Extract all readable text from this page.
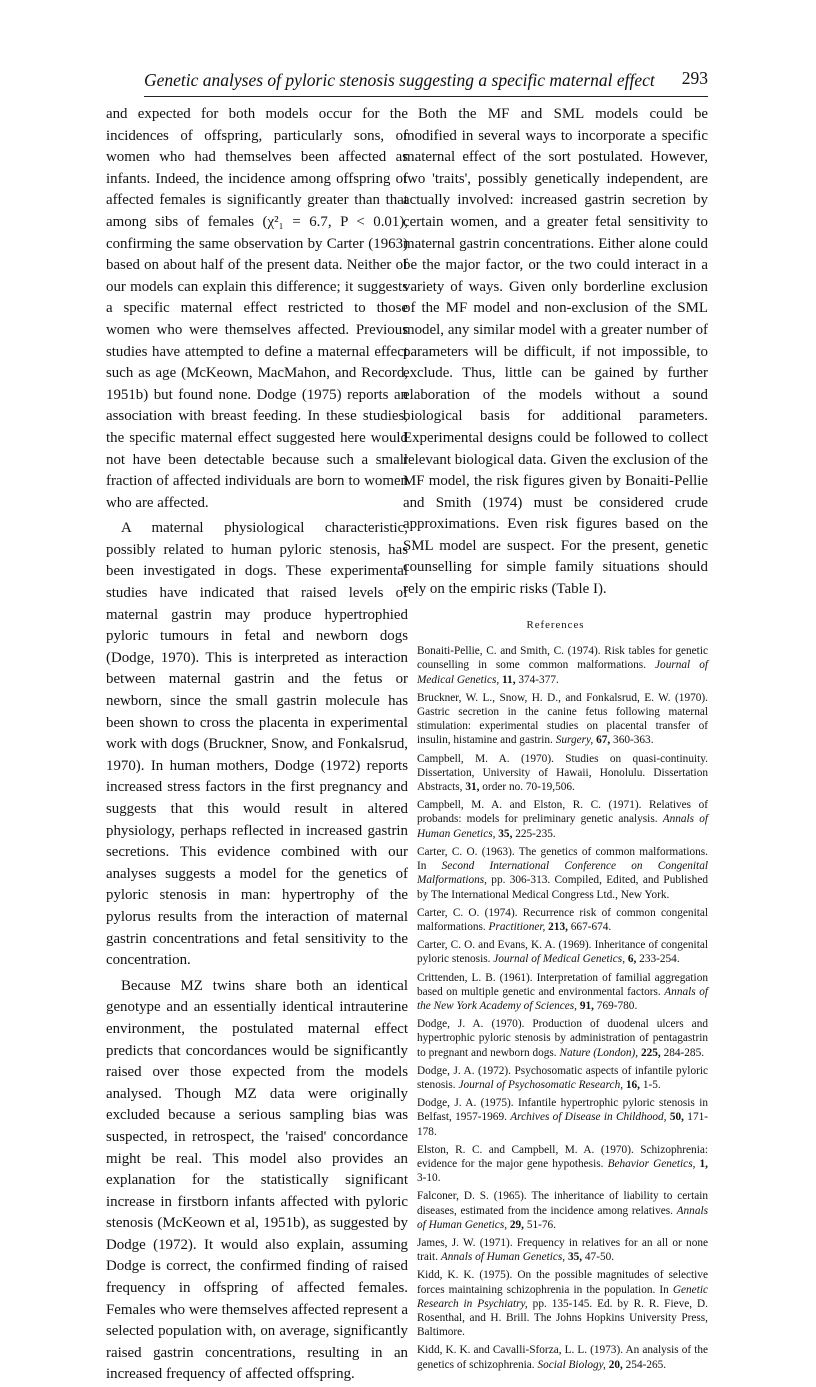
Genetic analyses of pyloric stenosis suggesting a specific maternal effect 293

and expected for both models occur for the incidences of offspring, particularly sons, of women who had themselves been affected as infants. Indeed, the incidence among offspring of affected females is significantly greater than that among sibs of females (χ²₁ = 6.7, P < 0.01), confirming the same observation by Carter (1963) based on about half of the present data. Neither of our models can explain this difference; it suggests a specific maternal effect restricted to those women who were themselves affected. Previous studies have attempted to define a maternal effect such as age (McKeown, MacMahon, and Record, 1951b) but found none. Dodge (1975) reports an association with breast feeding. In these studies, the specific maternal effect suggested here would not have been detectable because such a small fraction of affected individuals are born to women who are affected.

A maternal physiological characteristic, possibly related to human pyloric stenosis, has been investigated in dogs. These experimental studies have indicated that raised levels of maternal gastrin may produce hypertrophied pyloric tumours in fetal and newborn dogs (Dodge, 1970). This is interpreted as interaction between maternal gastrin and the fetus or newborn, since the small gastrin molecule has been shown to cross the placenta in experimental work with dogs (Bruckner, Snow, and Fonkalsrud, 1970). In human mothers, Dodge (1972) reports increased stress factors in the first pregnancy and suggests that this would result in altered physiology, perhaps reflected in increased gastrin secretions. This evidence combined with our analyses suggests a model for the genetics of pyloric stenosis in man: hypertrophy of the pylorus results from the interaction of maternal gastrin concentrations and fetal sensitivity to the concentration.

Because MZ twins share both an identical genotype and an essentially identical intrauterine environment, the postulated maternal effect predicts that concordances would be significantly raised over those expected from the models analysed. Though MZ data were originally excluded because a serious sampling bias was suspected, in retrospect, the 'raised' concordance might be real. This model also provides an explanation for the statistically significant increase in firstborn infants affected with pyloric stenosis (McKeown et al, 1951b), as suggested by Dodge (1972). It would also explain, assuming Dodge is correct, the confirmed finding of raised frequency in offspring of affected females. Females who were themselves affected represent a selected population with, on average, significantly raised gastrin concentrations, resulting in an increased frequency of affected offspring.

Both the MF and SML models could be modified in several ways to incorporate a specific maternal effect of the sort postulated. However, two 'traits', possibly genetically independent, are actually involved: increased gastrin secretion by certain women, and a greater fetal sensitivity to maternal gastrin concentrations. Either alone could be the major factor, or the two could interact in a variety of ways. Given only borderline exclusion of the MF model and non-exclusion of the SML model, any similar model with a greater number of parameters will be difficult, if not impossible, to exclude. Thus, little can be gained by further elaboration of the models without a sound biological basis for additional parameters. Experimental designs could be followed to collect relevant biological data. Given the exclusion of the MF model, the risk figures given by Bonaiti-Pellie and Smith (1974) must be considered crude approximations. Even risk figures based on the SML model are suspect. For the present, genetic counselling for simple family situations should rely on the empiric risks (Table I).

References

Bonaiti-Pellie, C. and Smith, C. (1974). Risk tables for genetic counselling in some common malformations. Journal of Medical Genetics, 11, 374-377.

Bruckner, W. L., Snow, H. D., and Fonkalsrud, E. W. (1970). Gastric secretion in the canine fetus following maternal stimulation: experimental studies on placental transfer of insulin, histamine and gastrin. Surgery, 67, 360-363.

Campbell, M. A. (1970). Studies on quasi-continuity. Dissertation, University of Hawaii, Honolulu. Dissertation Abstracts, 31, order no. 70-19,506.

Campbell, M. A. and Elston, R. C. (1971). Relatives of probands: models for preliminary genetic analysis. Annals of Human Genetics, 35, 225-235.

Carter, C. O. (1963). The genetics of common malformations. In Second International Conference on Congenital Malformations, pp. 306-313. Compiled, Edited, and Published by The International Medical Congress Ltd., New York.

Carter, C. O. (1974). Recurrence risk of common congenital malformations. Practitioner, 213, 667-674.

Carter, C. O. and Evans, K. A. (1969). Inheritance of congenital pyloric stenosis. Journal of Medical Genetics, 6, 233-254.

Crittenden, L. B. (1961). Interpretation of familial aggregation based on multiple genetic and environmental factors. Annals of the New York Academy of Sciences, 91, 769-780.

Dodge, J. A. (1970). Production of duodenal ulcers and hypertrophic pyloric stenosis by administration of pentagastrin to pregnant and newborn dogs. Nature (London), 225, 284-285.

Dodge, J. A. (1972). Psychosomatic aspects of infantile pyloric stenosis. Journal of Psychosomatic Research, 16, 1-5.

Dodge, J. A. (1975). Infantile hypertrophic pyloric stenosis in Belfast, 1957-1969. Archives of Disease in Childhood, 50, 171-178.

Elston, R. C. and Campbell, M. A. (1970). Schizophrenia: evidence for the major gene hypothesis. Behavior Genetics, 1, 3-10.

Falconer, D. S. (1965). The inheritance of liability to certain diseases, estimated from the incidence among relatives. Annals of Human Genetics, 29, 51-76.

James, J. W. (1971). Frequency in relatives for an all or none trait. Annals of Human Genetics, 35, 47-50.

Kidd, K. K. (1975). On the possible magnitudes of selective forces maintaining schizophrenia in the population. In Genetic Research in Psychiatry, pp. 135-145. Ed. by R. R. Fieve, D. Rosenthal, and H. Brill. The Johns Hopkins University Press, Baltimore.

Kidd, K. K. and Cavalli-Sforza, L. L. (1973). An analysis of the genetics of schizophrenia. Social Biology, 20, 254-265.
